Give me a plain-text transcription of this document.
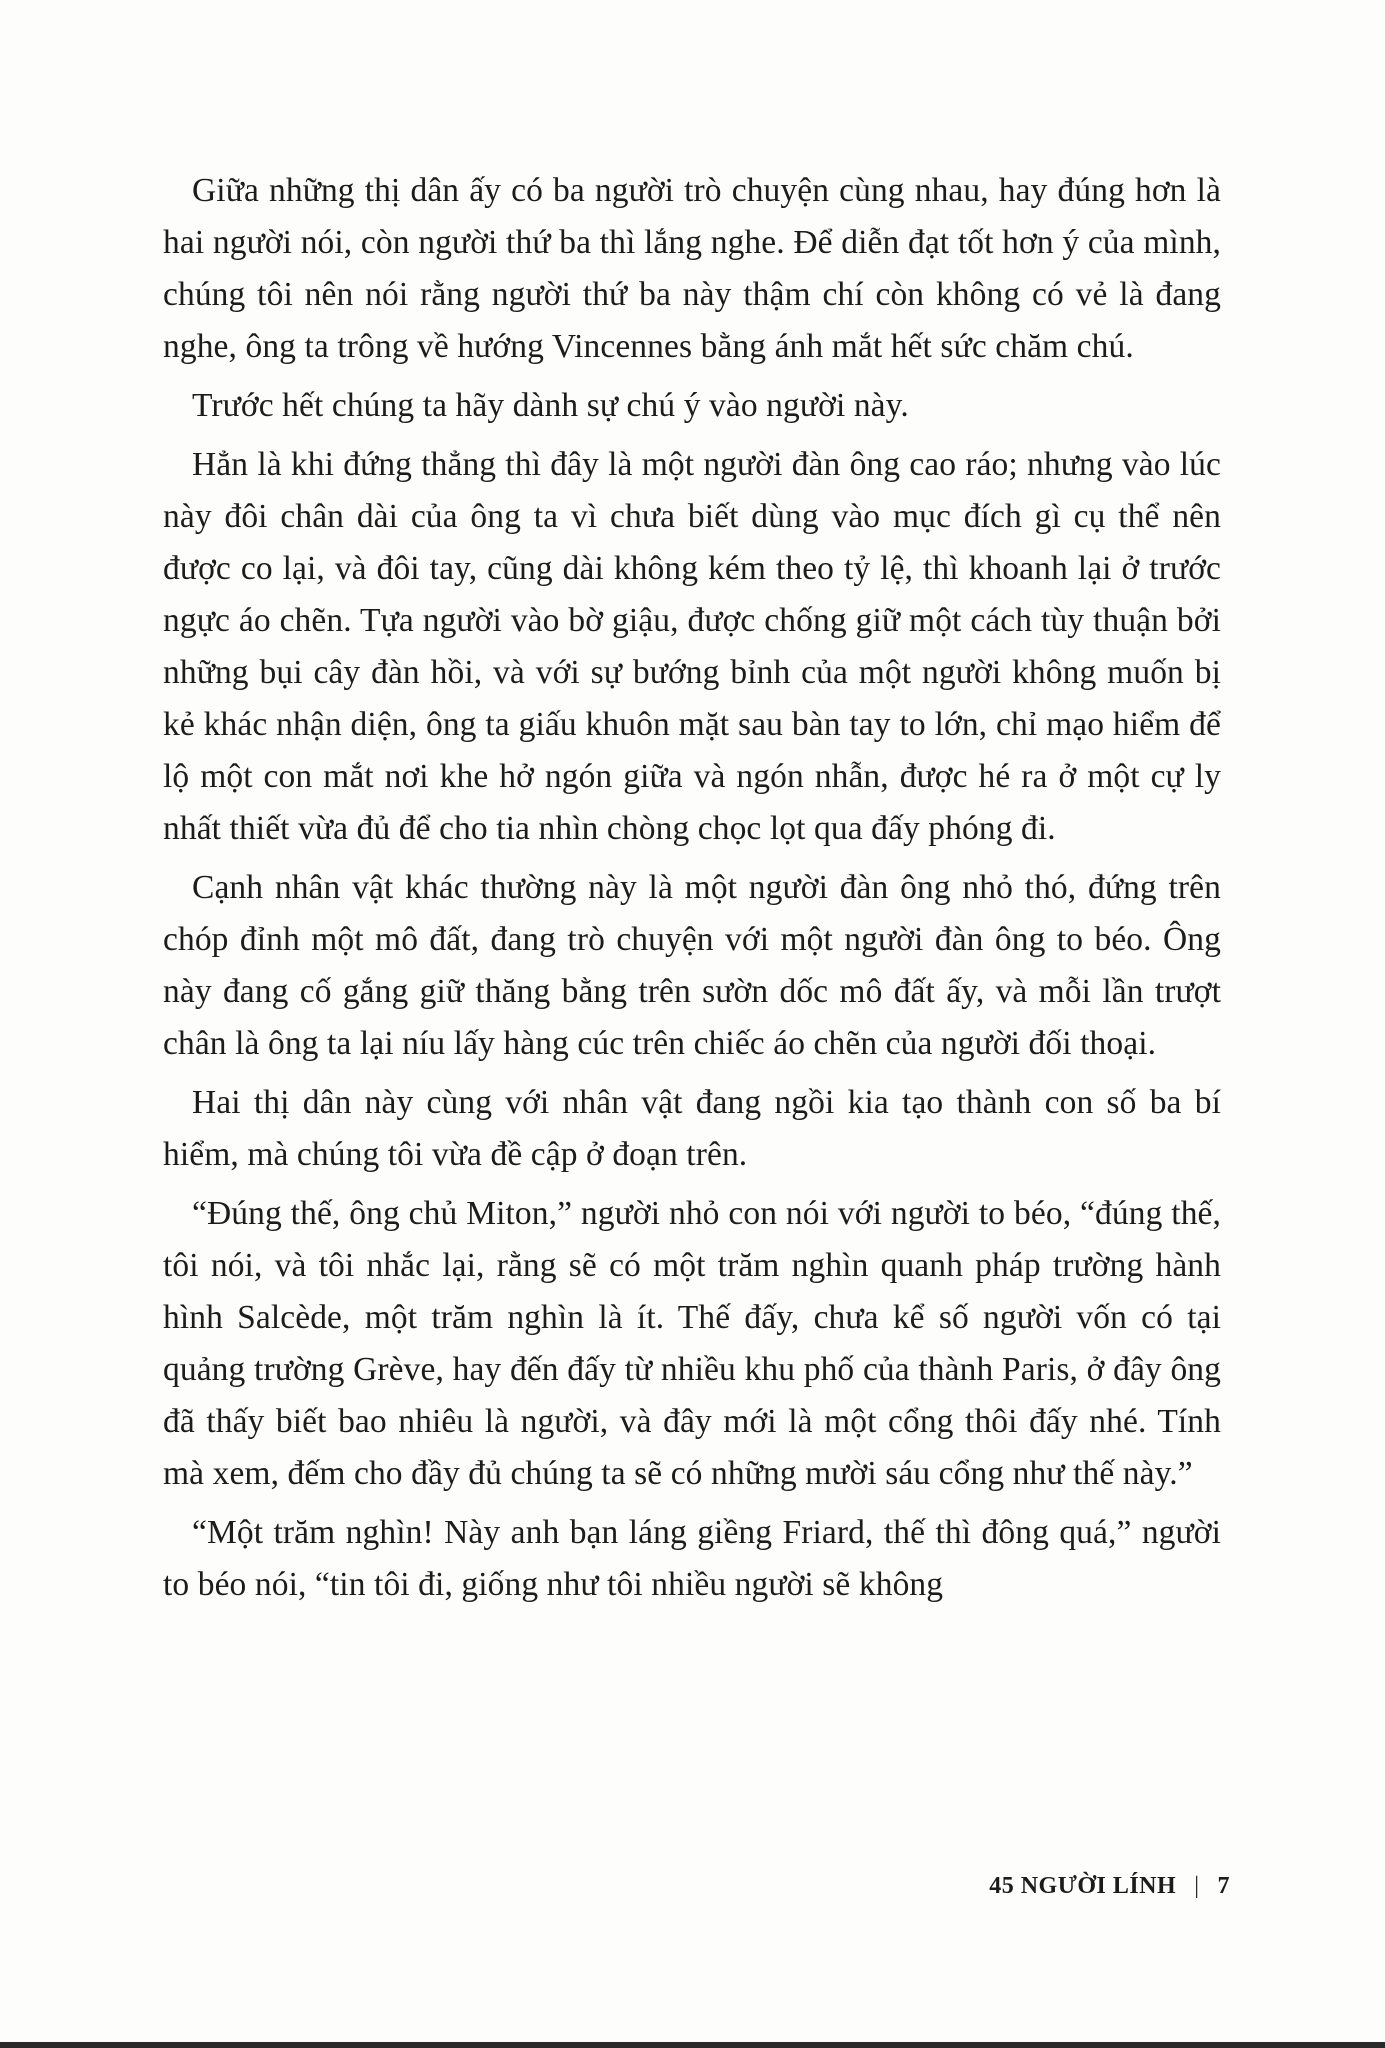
Giữa những thị dân ấy có ba người trò chuyện cùng nhau, hay đúng hơn là hai người nói, còn người thứ ba thì lắng nghe. Để diễn đạt tốt hơn ý của mình, chúng tôi nên nói rằng người thứ ba này thậm chí còn không có vẻ là đang nghe, ông ta trông về hướng Vincennes bằng ánh mắt hết sức chăm chú.

Trước hết chúng ta hãy dành sự chú ý vào người này.

Hẳn là khi đứng thẳng thì đây là một người đàn ông cao ráo; nhưng vào lúc này đôi chân dài của ông ta vì chưa biết dùng vào mục đích gì cụ thể nên được co lại, và đôi tay, cũng dài không kém theo tỷ lệ, thì khoanh lại ở trước ngực áo chẽn. Tựa người vào bờ giậu, được chống giữ một cách tùy thuận bởi những bụi cây đàn hồi, và với sự bướng bỉnh của một người không muốn bị kẻ khác nhận diện, ông ta giấu khuôn mặt sau bàn tay to lớn, chỉ mạo hiểm để lộ một con mắt nơi khe hở ngón giữa và ngón nhẫn, được hé ra ở một cự ly nhất thiết vừa đủ để cho tia nhìn chòng chọc lọt qua đấy phóng đi.

Cạnh nhân vật khác thường này là một người đàn ông nhỏ thó, đứng trên chóp đỉnh một mô đất, đang trò chuyện với một người đàn ông to béo. Ông này đang cố gắng giữ thăng bằng trên sườn dốc mô đất ấy, và mỗi lần trượt chân là ông ta lại níu lấy hàng cúc trên chiếc áo chẽn của người đối thoại.

Hai thị dân này cùng với nhân vật đang ngồi kia tạo thành con số ba bí hiểm, mà chúng tôi vừa đề cập ở đoạn trên.

“Đúng thế, ông chủ Miton,” người nhỏ con nói với người to béo, “đúng thế, tôi nói, và tôi nhắc lại, rằng sẽ có một trăm nghìn quanh pháp trường hành hình Salcède, một trăm nghìn là ít. Thế đấy, chưa kể số người vốn có tại quảng trường Grève, hay đến đấy từ nhiều khu phố của thành Paris, ở đây ông đã thấy biết bao nhiêu là người, và đây mới là một cổng thôi đấy nhé. Tính mà xem, đếm cho đầy đủ chúng ta sẽ có những mười sáu cổng như thế này.”

“Một trăm nghìn! Này anh bạn láng giềng Friard, thế thì đông quá,” người to béo nói, “tin tôi đi, giống như tôi nhiều người sẽ không

45 NGƯỜI LÍNH | 7
